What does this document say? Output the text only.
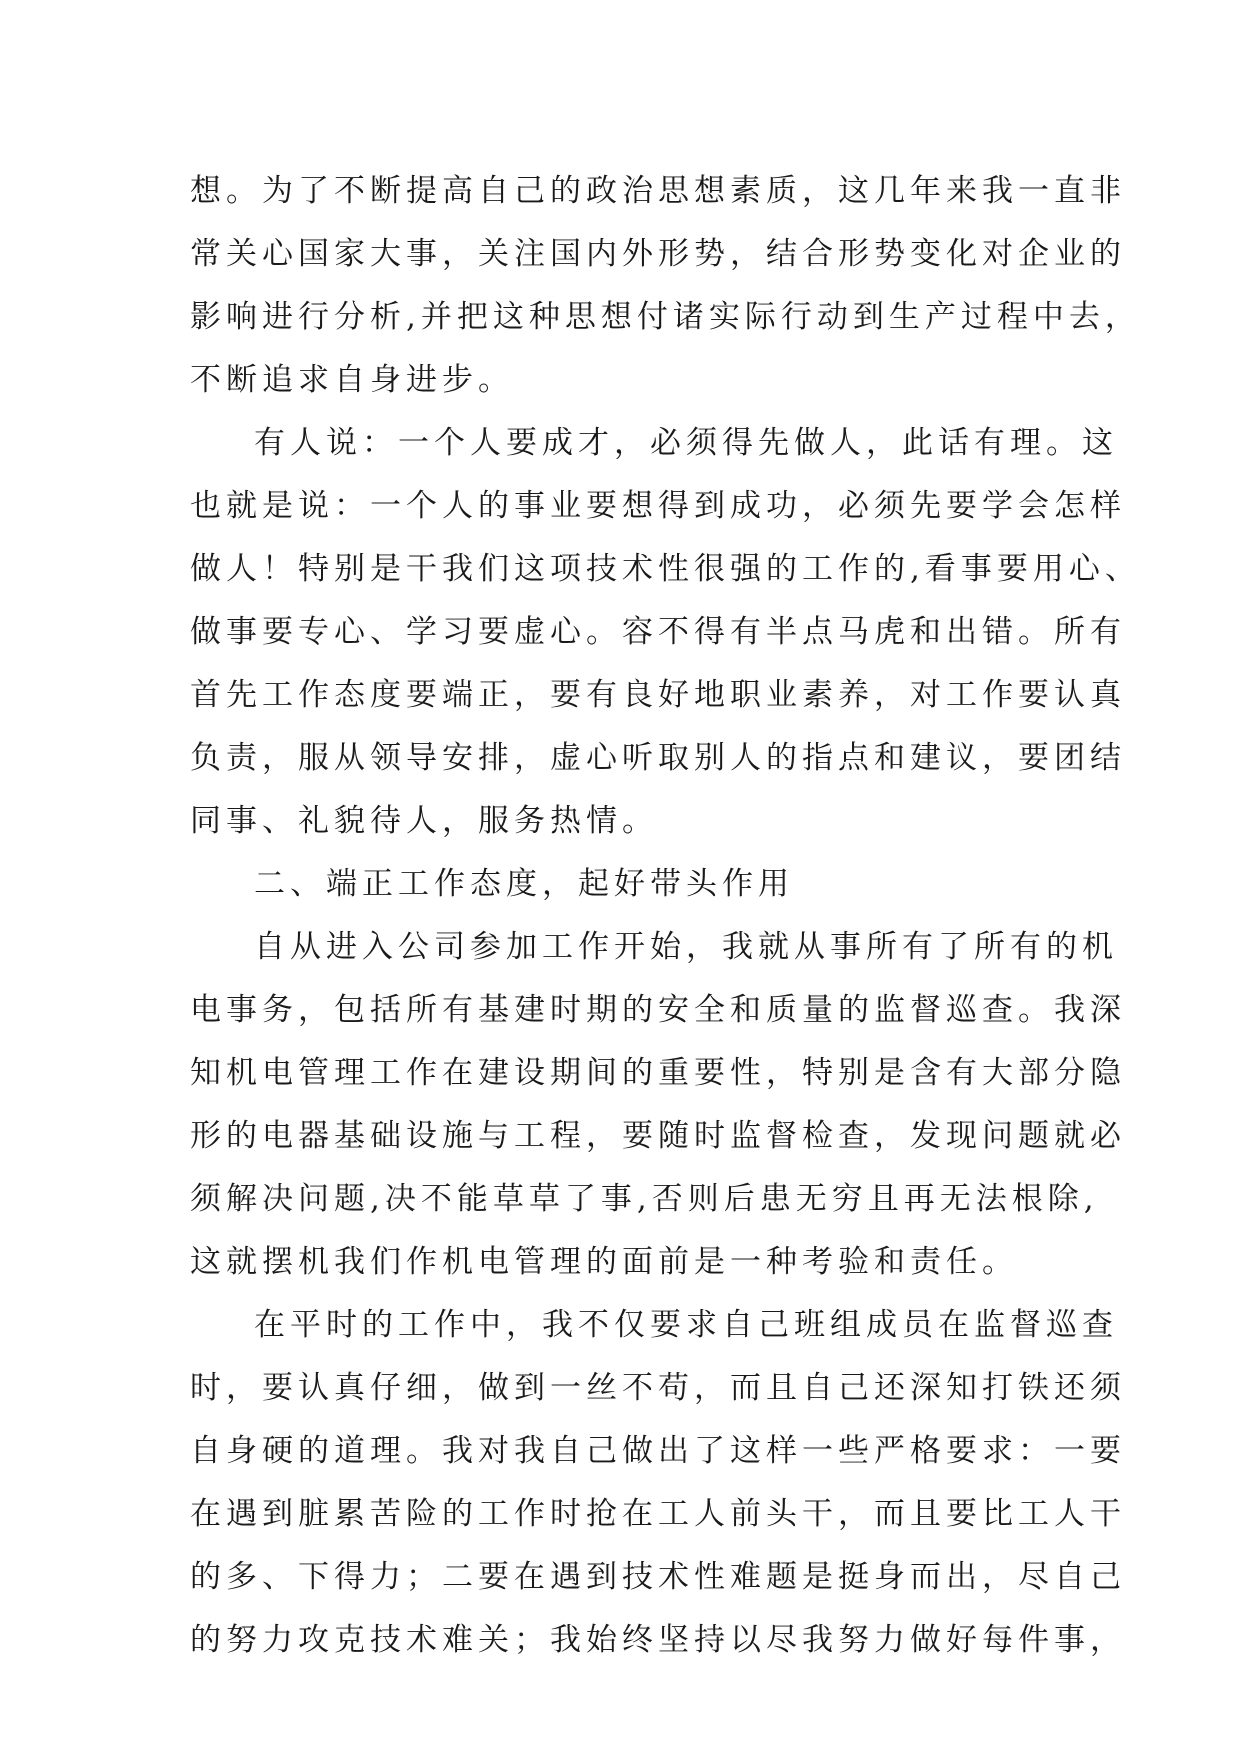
想。为了不断提高自己的政治思想素质，这几年来我一直非
常关心国家大事，关注国内外形势，结合形势变化对企业的
影响进行分析,并把这种思想付诸实际行动到生产过程中去，
不断追求自身进步。
有人说：一个人要成才，必须得先做人，此话有理。这
也就是说：一个人的事业要想得到成功，必须先要学会怎样
做人！特别是干我们这项技术性很强的工作的,看事要用心、
做事要专心、学习要虚心。容不得有半点马虎和出错。所有
首先工作态度要端正，要有良好地职业素养，对工作要认真
负责，服从领导安排，虚心听取别人的指点和建议，要团结
同事、礼貌待人，服务热情。
二、端正工作态度，起好带头作用
自从进入公司参加工作开始，我就从事所有了所有的机
电事务，包括所有基建时期的安全和质量的监督巡查。我深
知机电管理工作在建设期间的重要性，特别是含有大部分隐
形的电器基础设施与工程，要随时监督检查，发现问题就必
须解决问题,决不能草草了事,否则后患无穷且再无法根除,
这就摆机我们作机电管理的面前是一种考验和责任。
在平时的工作中，我不仅要求自己班组成员在监督巡查
时，要认真仔细，做到一丝不苟，而且自己还深知打铁还须
自身硬的道理。我对我自己做出了这样一些严格要求：一要
在遇到脏累苦险的工作时抢在工人前头干，而且要比工人干
的多、下得力；二要在遇到技术性难题是挺身而出，尽自己
的努力攻克技术难关；我始终坚持以尽我努力做好每件事，
